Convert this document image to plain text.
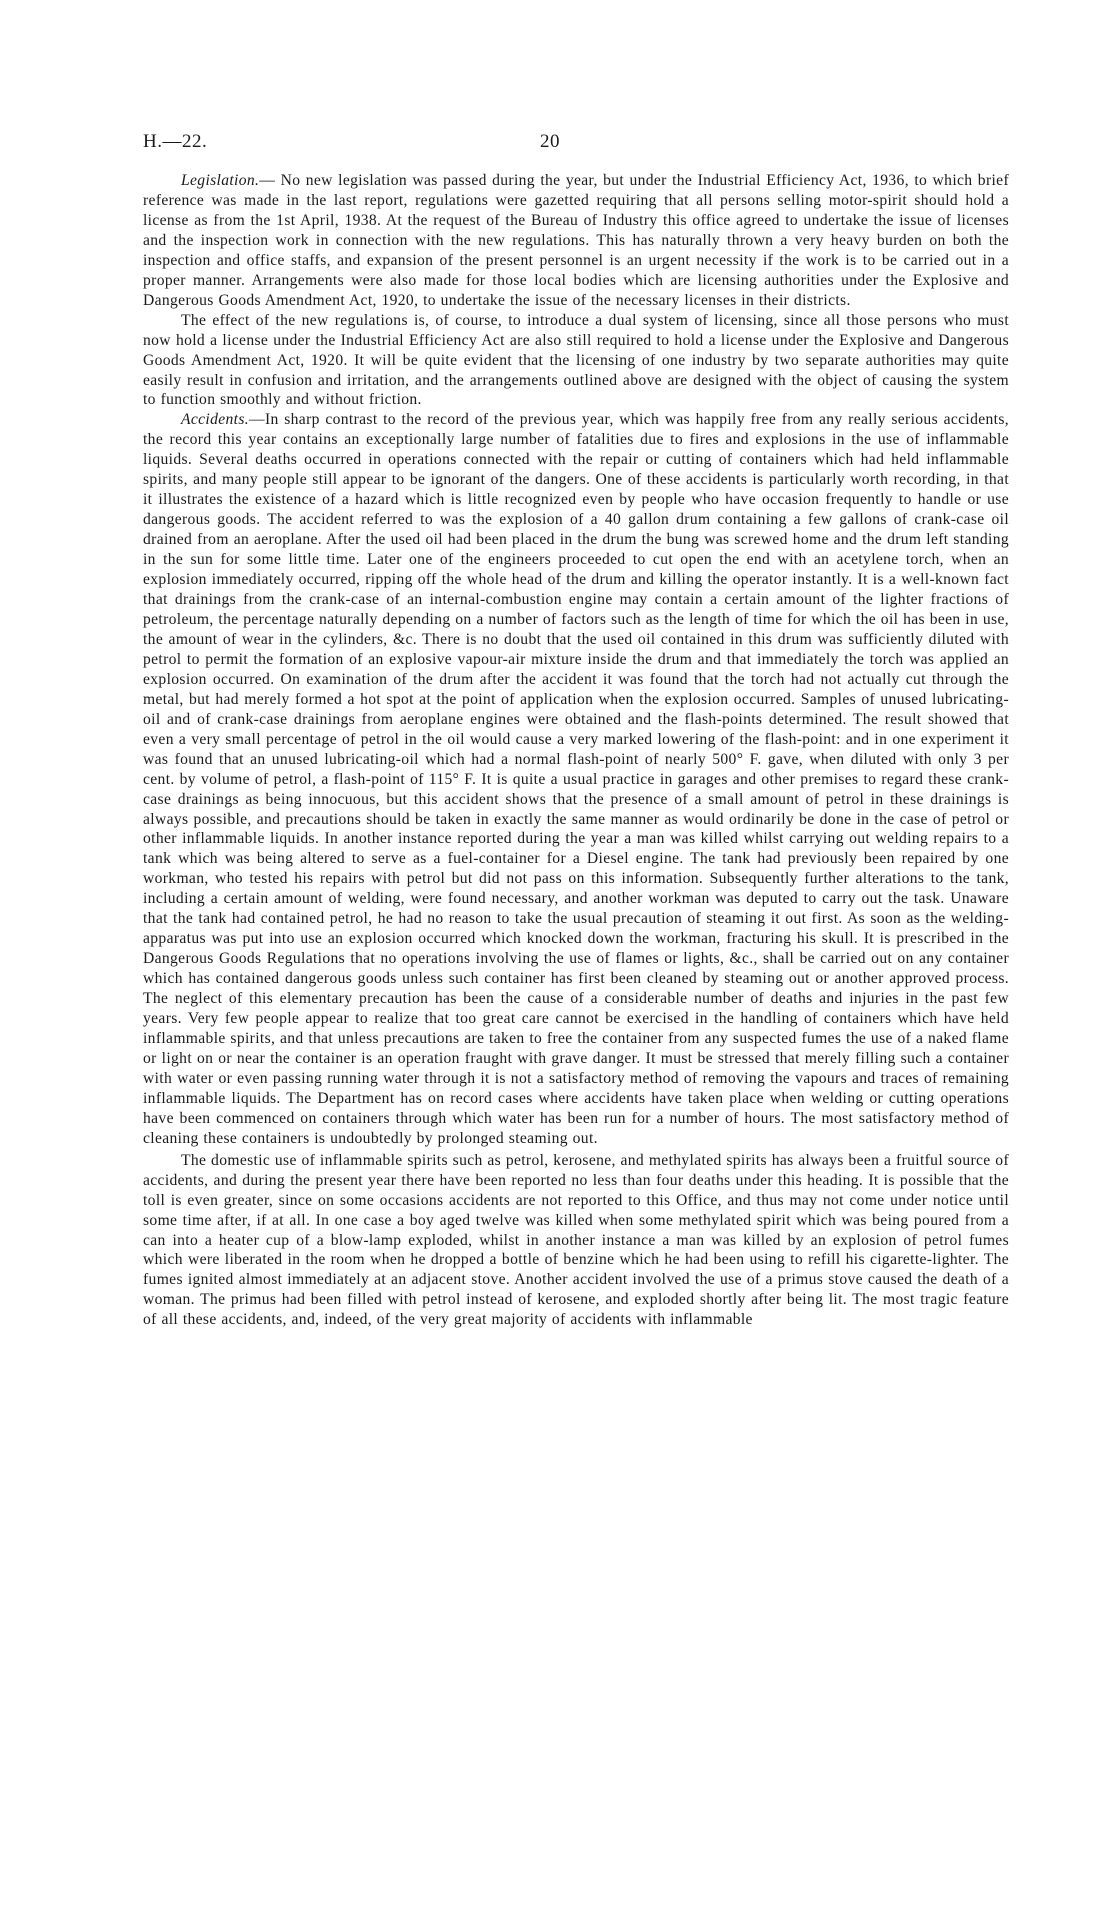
H.—22.	20

Legislation.— No new legislation was passed during the year, but under the Industrial Efficiency Act, 1936, to which brief reference was made in the last report, regulations were gazetted requiring that all persons selling motor-spirit should hold a license as from the 1st April, 1938. At the request of the Bureau of Industry this office agreed to undertake the issue of licenses and the inspection work in connection with the new regulations. This has naturally thrown a very heavy burden on both the inspection and office staffs, and expansion of the present personnel is an urgent necessity if the work is to be carried out in a proper manner. Arrangements were also made for those local bodies which are licensing authorities under the Explosive and Dangerous Goods Amendment Act, 1920, to undertake the issue of the necessary licenses in their districts.

The effect of the new regulations is, of course, to introduce a dual system of licensing, since all those persons who must now hold a license under the Industrial Efficiency Act are also still required to hold a license under the Explosive and Dangerous Goods Amendment Act, 1920. It will be quite evident that the licensing of one industry by two separate authorities may quite easily result in confusion and irritation, and the arrangements outlined above are designed with the object of causing the system to function smoothly and without friction.

Accidents.—In sharp contrast to the record of the previous year, which was happily free from any really serious accidents, the record this year contains an exceptionally large number of fatalities due to fires and explosions in the use of inflammable liquids. Several deaths occurred in operations connected with the repair or cutting of containers which had held inflammable spirits, and many people still appear to be ignorant of the dangers. One of these accidents is particularly worth recording, in that it illustrates the existence of a hazard which is little recognized even by people who have occasion frequently to handle or use dangerous goods. The accident referred to was the explosion of a 40 gallon drum containing a few gallons of crank-case oil drained from an aeroplane. After the used oil had been placed in the drum the bung was screwed home and the drum left standing in the sun for some little time. Later one of the engineers proceeded to cut open the end with an acetylene torch, when an explosion immediately occurred, ripping off the whole head of the drum and killing the operator instantly. It is a well-known fact that drainings from the crank-case of an internal-combustion engine may contain a certain amount of the lighter fractions of petroleum, the percentage naturally depending on a number of factors such as the length of time for which the oil has been in use, the amount of wear in the cylinders, &c. There is no doubt that the used oil contained in this drum was sufficiently diluted with petrol to permit the formation of an explosive vapour-air mixture inside the drum and that immediately the torch was applied an explosion occurred. On examination of the drum after the accident it was found that the torch had not actually cut through the metal, but had merely formed a hot spot at the point of application when the explosion occurred. Samples of unused lubricating-oil and of crank-case drainings from aeroplane engines were obtained and the flash-points determined. The result showed that even a very small percentage of petrol in the oil would cause a very marked lowering of the flash-point: and in one experiment it was found that an unused lubricating-oil which had a normal flash-point of nearly 500° F. gave, when diluted with only 3 per cent. by volume of petrol, a flash-point of 115° F. It is quite a usual practice in garages and other premises to regard these crank-case drainings as being innocuous, but this accident shows that the presence of a small amount of petrol in these drainings is always possible, and precautions should be taken in exactly the same manner as would ordinarily be done in the case of petrol or other inflammable liquids. In another instance reported during the year a man was killed whilst carrying out welding repairs to a tank which was being altered to serve as a fuel-container for a Diesel engine. The tank had previously been repaired by one workman, who tested his repairs with petrol but did not pass on this information. Subsequently further alterations to the tank, including a certain amount of welding, were found necessary, and another workman was deputed to carry out the task. Unaware that the tank had contained petrol, he had no reason to take the usual precaution of steaming it out first. As soon as the welding-apparatus was put into use an explosion occurred which knocked down the workman, fracturing his skull. It is prescribed in the Dangerous Goods Regulations that no operations involving the use of flames or lights, &c., shall be carried out on any container which has contained dangerous goods unless such container has first been cleaned by steaming out or another approved process. The neglect of this elementary precaution has been the cause of a considerable number of deaths and injuries in the past few years. Very few people appear to realize that too great care cannot be exercised in the handling of containers which have held inflammable spirits, and that unless precautions are taken to free the container from any suspected fumes the use of a naked flame or light on or near the container is an operation fraught with grave danger. It must be stressed that merely filling such a container with water or even passing running water through it is not a satisfactory method of removing the vapours and traces of remaining inflammable liquids. The Department has on record cases where accidents have taken place when welding or cutting operations have been commenced on containers through which water has been run for a number of hours. The most satisfactory method of cleaning these containers is undoubtedly by prolonged steaming out.

The domestic use of inflammable spirits such as petrol, kerosene, and methylated spirits has always been a fruitful source of accidents, and during the present year there have been reported no less than four deaths under this heading. It is possible that the toll is even greater, since on some occasions accidents are not reported to this Office, and thus may not come under notice until some time after, if at all. In one case a boy aged twelve was killed when some methylated spirit which was being poured from a can into a heater cup of a blow-lamp exploded, whilst in another instance a man was killed by an explosion of petrol fumes which were liberated in the room when he dropped a bottle of benzine which he had been using to refill his cigarette-lighter. The fumes ignited almost immediately at an adjacent stove. Another accident involved the use of a primus stove caused the death of a woman. The primus had been filled with petrol instead of kerosene, and exploded shortly after being lit. The most tragic feature of all these accidents, and, indeed, of the very great majority of accidents with inflammable
